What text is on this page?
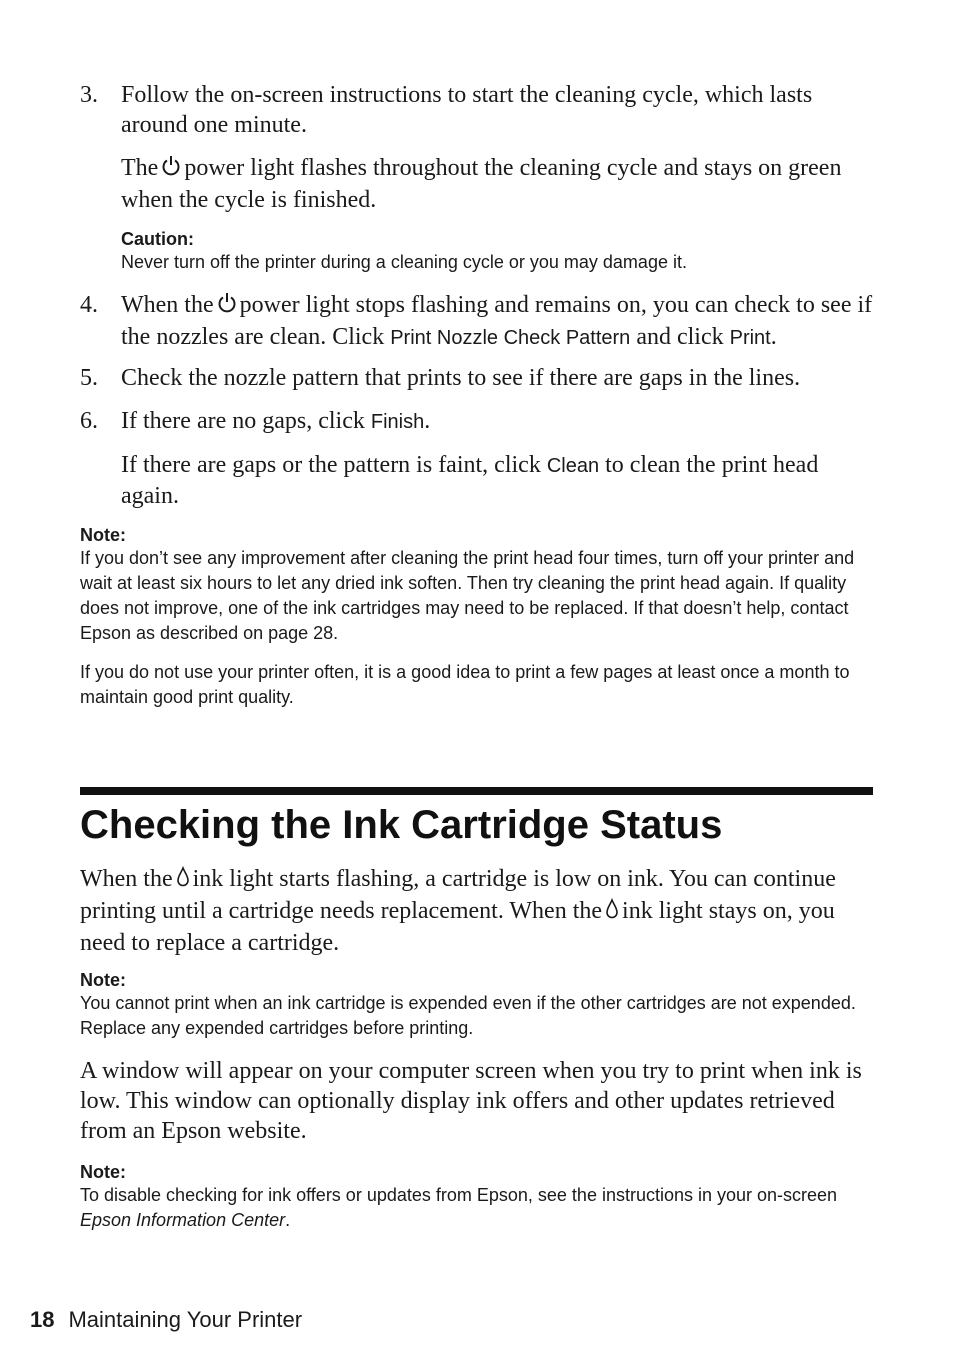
3. Follow the on-screen instructions to start the cleaning cycle, which lasts around one minute.
The power light flashes throughout the cleaning cycle and stays on green when the cycle is finished.
Caution:
Never turn off the printer during a cleaning cycle or you may damage it.
4. When the power light stops flashing and remains on, you can check to see if the nozzles are clean. Click Print Nozzle Check Pattern and click Print.
5. Check the nozzle pattern that prints to see if there are gaps in the lines.
6. If there are no gaps, click Finish.
If there are gaps or the pattern is faint, click Clean to clean the print head again.
Note:
If you don’t see any improvement after cleaning the print head four times, turn off your printer and wait at least six hours to let any dried ink soften. Then try cleaning the print head again. If quality does not improve, one of the ink cartridges may need to be replaced. If that doesn’t help, contact Epson as described on page 28.
If you do not use your printer often, it is a good idea to print a few pages at least once a month to maintain good print quality.
Checking the Ink Cartridge Status
When the ink light starts flashing, a cartridge is low on ink. You can continue printing until a cartridge needs replacement. When the ink light stays on, you need to replace a cartridge.
Note:
You cannot print when an ink cartridge is expended even if the other cartridges are not expended. Replace any expended cartridges before printing.
A window will appear on your computer screen when you try to print when ink is low. This window can optionally display ink offers and other updates retrieved from an Epson website.
Note:
To disable checking for ink offers or updates from Epson, see the instructions in your on-screen Epson Information Center.
18 Maintaining Your Printer
